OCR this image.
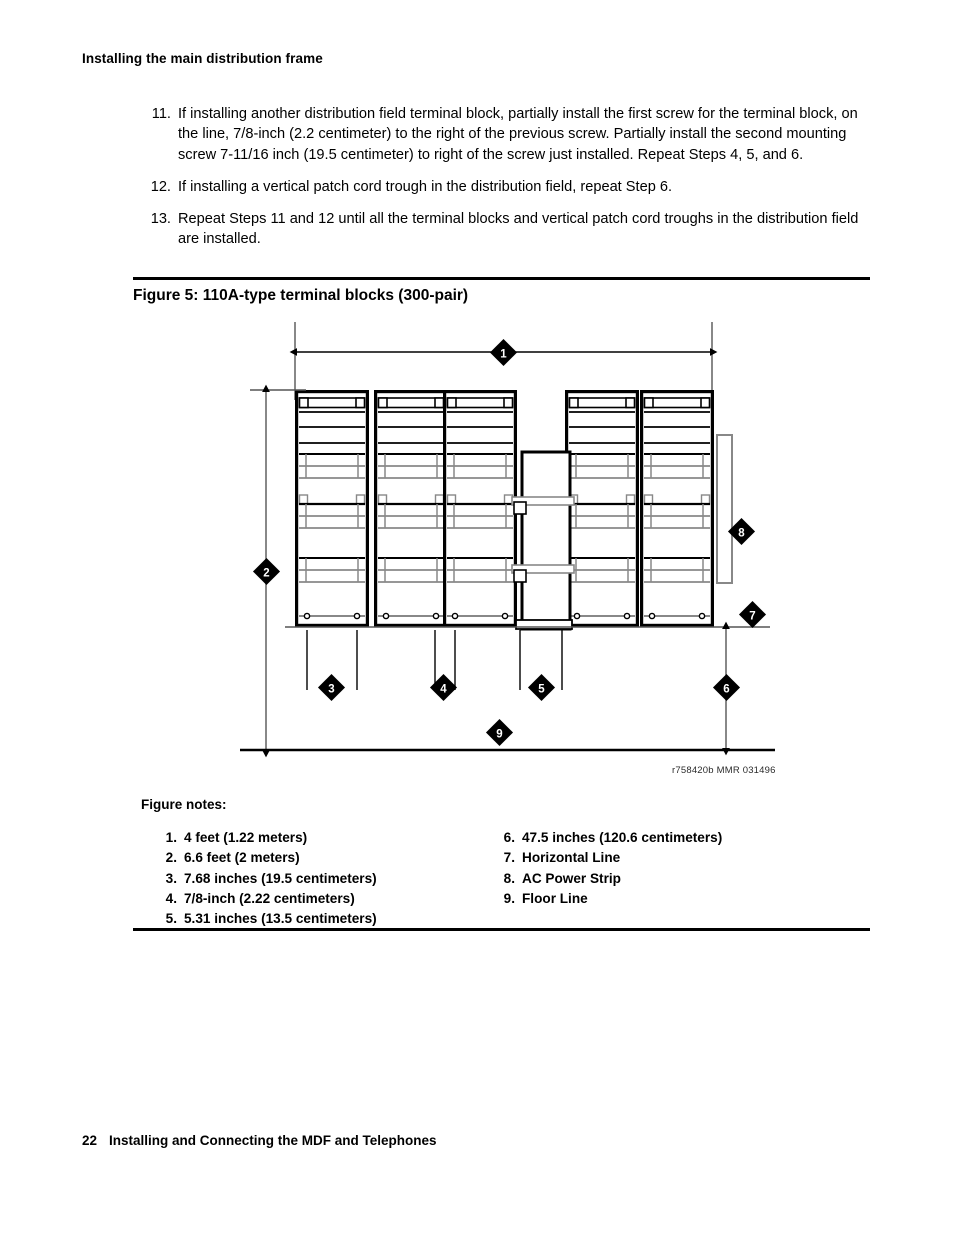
Installing the main distribution frame
11. If installing another distribution field terminal block, partially install the first screw for the terminal block, on the line, 7/8-inch (2.2 centimeter) to the right of the previous screw. Partially install the second mounting screw 7-11/16 inch (19.5 centimeter) to right of the screw just installed. Repeat Steps 4, 5, and 6.
12. If installing a vertical patch cord trough in the distribution field, repeat Step 6.
13. Repeat Steps 11 and 12 until all the terminal blocks and vertical patch cord troughs in the distribution field are installed.
Figure 5: 110A-type terminal blocks (300-pair)
1
8
7
2
3	4	5	6
9
r758420b MMR 031496
Figure notes:
1. 4 feet (1.22 meters)
2. 6.6 feet (2 meters)
3. 7.68 inches (19.5 centimeters)
4. 7/8-inch (2.22 centimeters)
5. 5.31 inches (13.5 centimeters)
6. 47.5 inches (120.6 centimeters)
7. Horizontal Line
8. AC Power Strip
9. Floor Line
22 Installing and Connecting the MDF and Telephones
